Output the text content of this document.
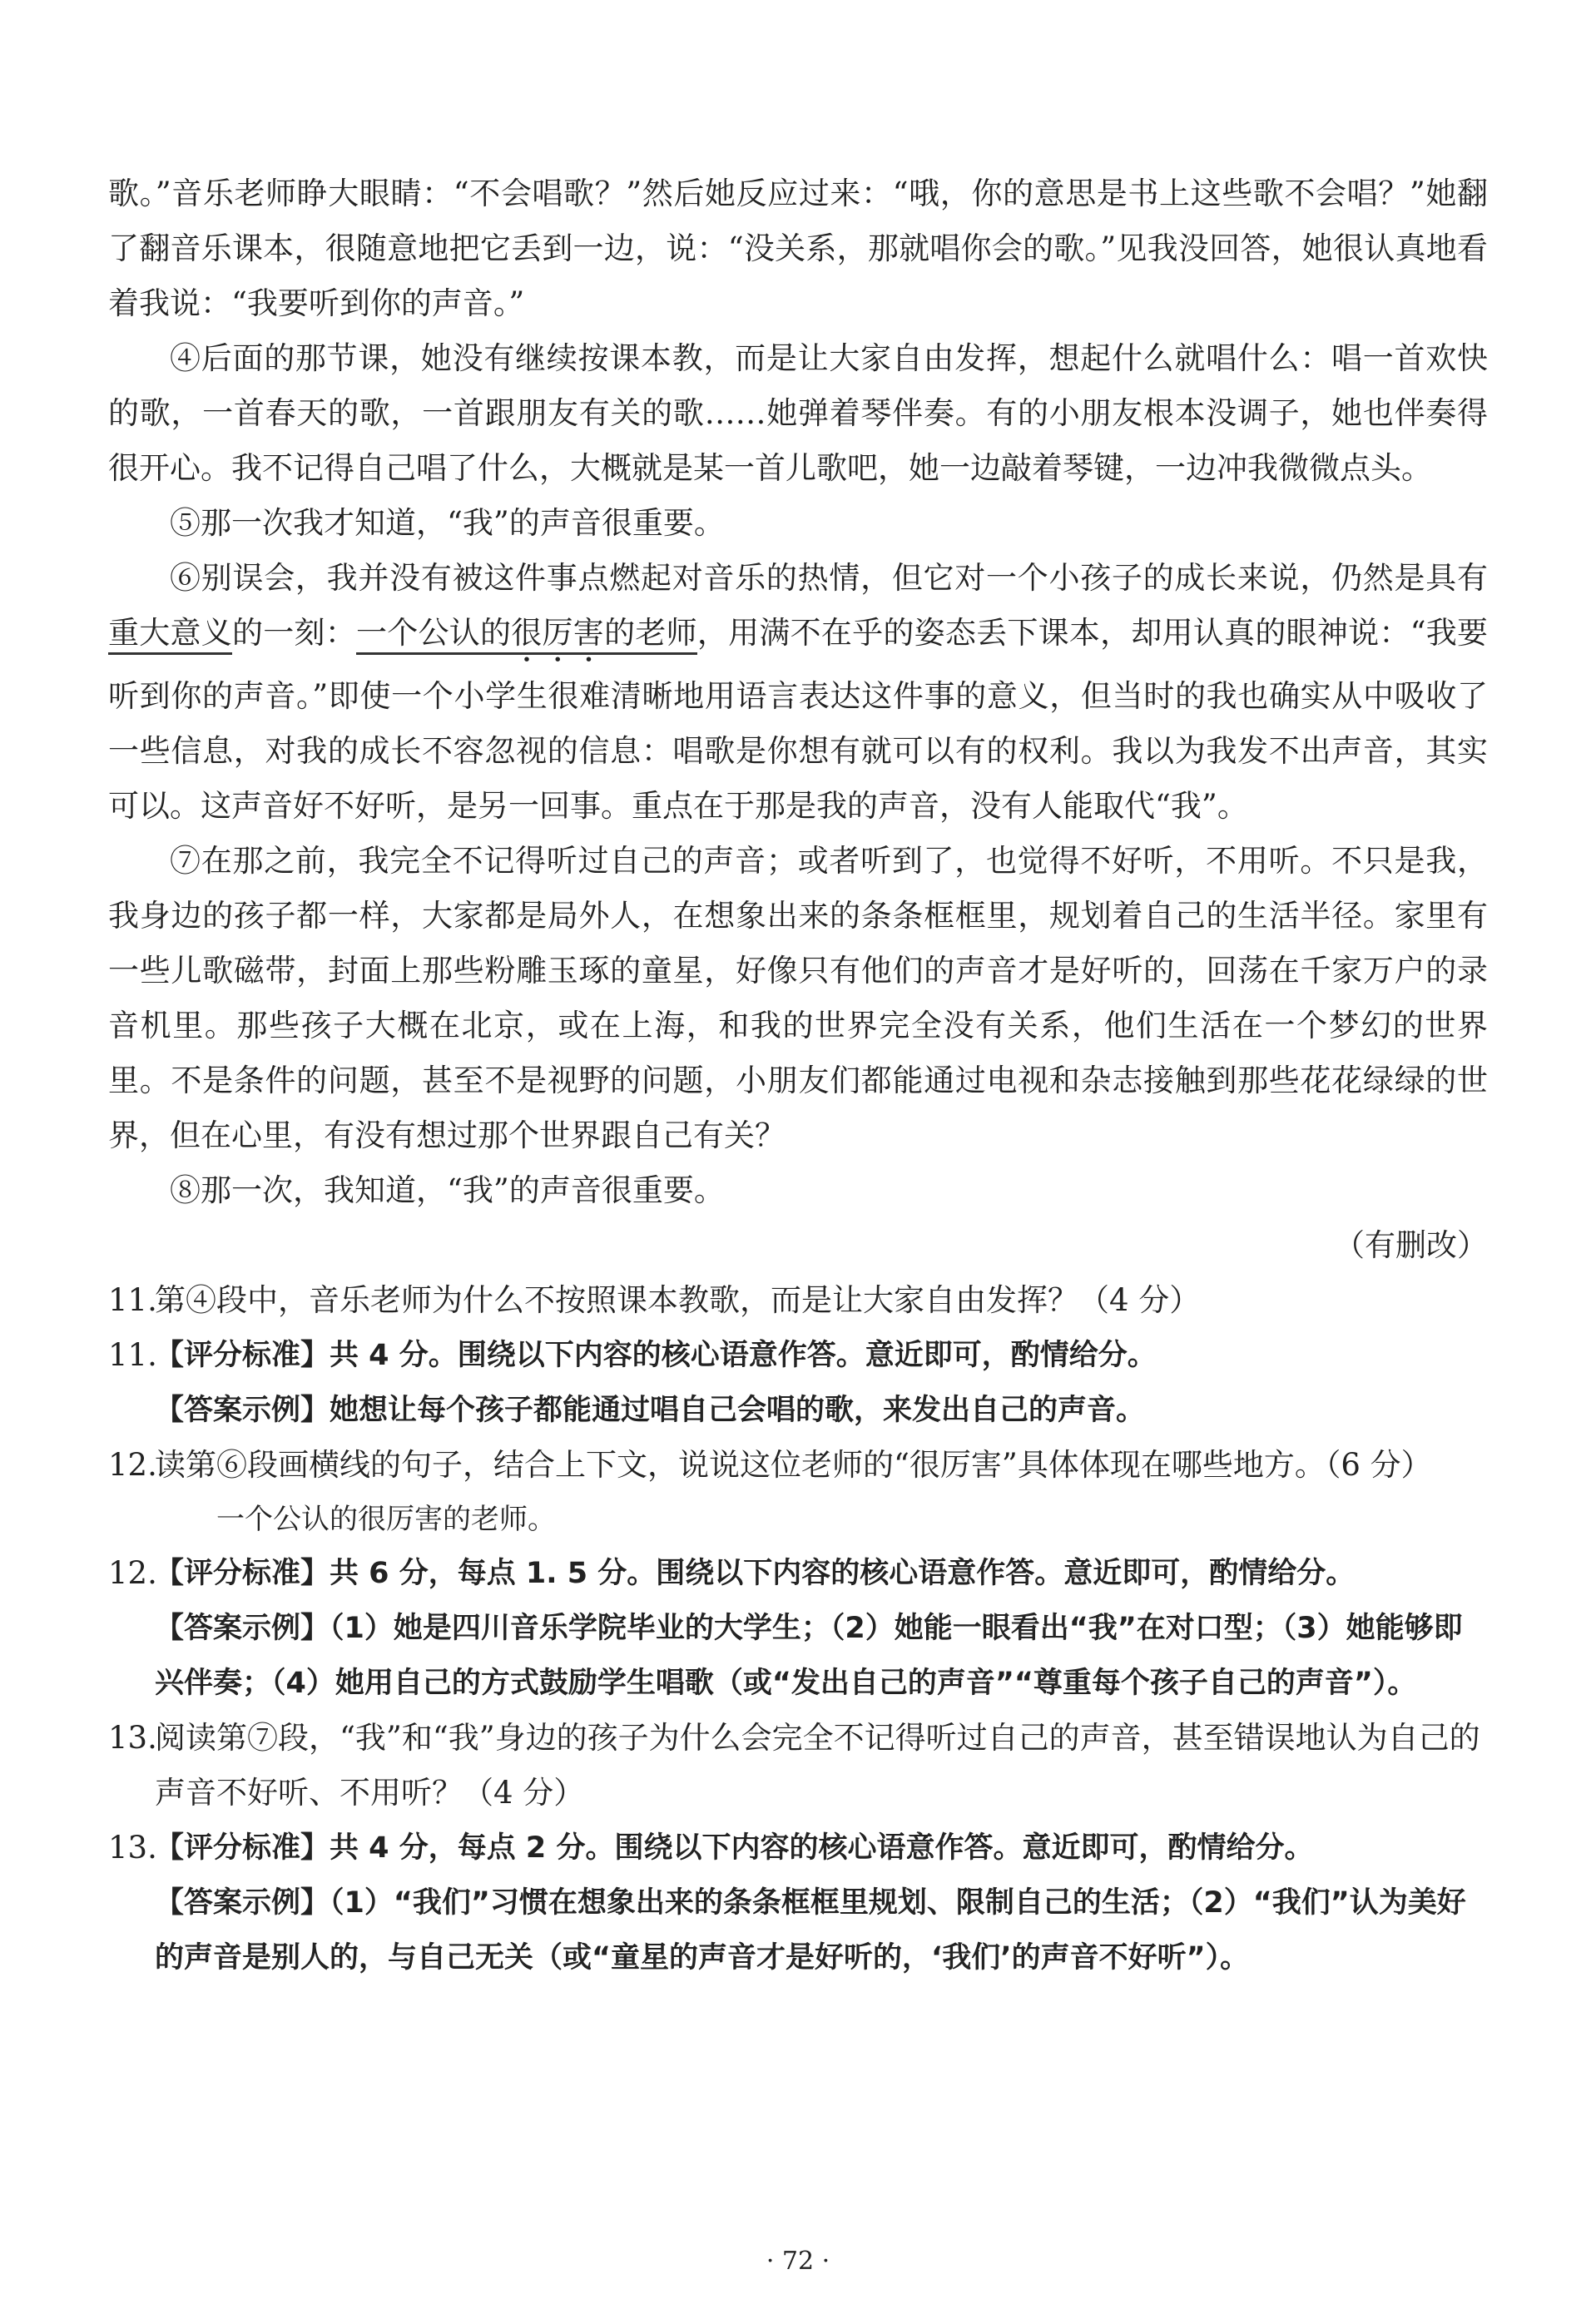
歌。”音乐老师睁大眼睛：“不会唱歌？”然后她反应过来：“哦，你的意思是书上这些歌不会唱？”她翻了翻音乐课本，很随意地把它丢到一边，说：“没关系，那就唱你会的歌。”见我没回答，她很认真地看着我说：“我要听到你的声音。”

④后面的那节课，她没有继续按课本教，而是让大家自由发挥，想起什么就唱什么：唱一首欢快的歌，一首春天的歌，一首跟朋友有关的歌……她弹着琴伴奏。有的小朋友根本没调子，她也伴奏得很开心。我不记得自己唱了什么，大概就是某一首儿歌吧，她一边敲着琴键，一边冲我微微点头。

⑤那一次我才知道，“我”的声音很重要。

⑥别误会，我并没有被这件事点燃起对音乐的热情，但它对一个小孩子的成长来说，仍然是具有重大意义的一刻：一个公认的很厉害的老师，用满不在乎的姿态丢下课本，却用认真的眼神说：“我要听到你的声音。”即使一个小学生很难清晰地用语言表达这件事的意义，但当时的我也确实从中吸收了一些信息，对我的成长不容忽视的信息：唱歌是你想有就可以有的权利。我以为我发不出声音，其实可以。这声音好不好听，是另一回事。重点在于那是我的声音，没有人能取代“我”。

⑦在那之前，我完全不记得听过自己的声音；或者听到了，也觉得不好听，不用听。不只是我，我身边的孩子都一样，大家都是局外人，在想象出来的条条框框里，规划着自己的生活半径。家里有一些儿歌磁带，封面上那些粉雕玉琢的童星，好像只有他们的声音才是好听的，回荡在千家万户的录音机里。那些孩子大概在北京，或在上海，和我的世界完全没有关系，他们生活在一个梦幻的世界里。不是条件的问题，甚至不是视野的问题，小朋友们都能通过电视和杂志接触到那些花花绿绿的世界，但在心里，有没有想过那个世界跟自己有关？

⑧那一次，我知道，“我”的声音很重要。

（有删改）

11.
第④段中，音乐老师为什么不按照课本教歌，而是让大家自由发挥？（4 分）
11.
【评分标准】共 4 分。围绕以下内容的核心语意作答。意近即可，酌情给分。
【答案示例】她想让每个孩子都能通过唱自己会唱的歌，来发出自己的声音。
12.
读第⑥段画横线的句子，结合上下文，说说这位老师的“很厉害”具体体现在哪些地方。（6 分）

一个公认的很厉害的老师。

12.
【评分标准】共 6 分，每点 1. 5 分。围绕以下内容的核心语意作答。意近即可，酌情给分。
【答案示例】（1）她是四川音乐学院毕业的大学生；（2）她能一眼看出“我”在对口型；（3）她能够即兴伴奏；（4）她用自己的方式鼓励学生唱歌（或“发出自己的声音”“尊重每个孩子自己的声音”）。
13.
阅读第⑦段，“我”和“我”身边的孩子为什么会完全不记得听过自己的声音，甚至错误地认为自己的声音不好听、不用听？（4 分）
13.
【评分标准】共 4 分，每点 2 分。围绕以下内容的核心语意作答。意近即可，酌情给分。
【答案示例】（1）“我们”习惯在想象出来的条条框框里规划、限制自己的生活；（2）“我们”认为美好的声音是别人的，与自己无关（或“童星的声音才是好听的，‘我们’的声音不好听”）。
· 72 ·
